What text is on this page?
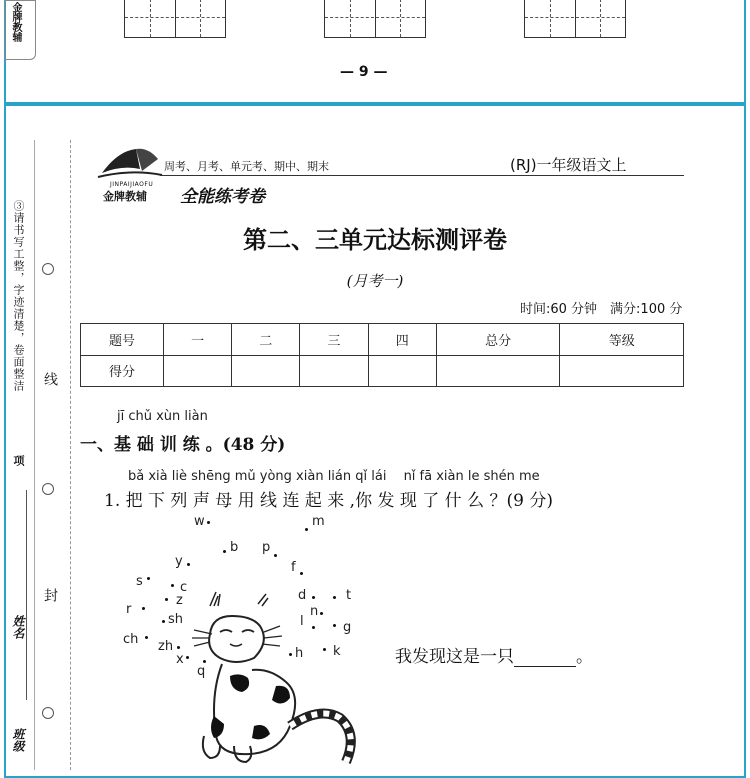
金牌教辅
— 9 —
③请书写工整，字迹清楚，卷面整洁
项
线
封
姓名
班级
JINPAIJIAOFU
金牌教辅
周考、月考、单元考、期中、期末	(RJ)一年级语文上
全能练考卷
第二、三单元达标测评卷
(月考一)
时间:60 分钟　满分:100 分
题号	一	二	三	四	总分	等级
得分						
jī chǔ xùn liàn
一、基 础 训 练 。(48 分)
bǎ xià liè shēng mǔ yòng xiàn lián qǐ lái　 nǐ fā xiàn le shén me
1. 把 下 列 声 母 用 线 连 起 来 ,你 发 现 了 什 么 ？(9 分)
w	m
b p
y	f
s	c
z	d	t
r	n
sh	l	g
ch zh
x	h k
q
我发现这是一只	。
